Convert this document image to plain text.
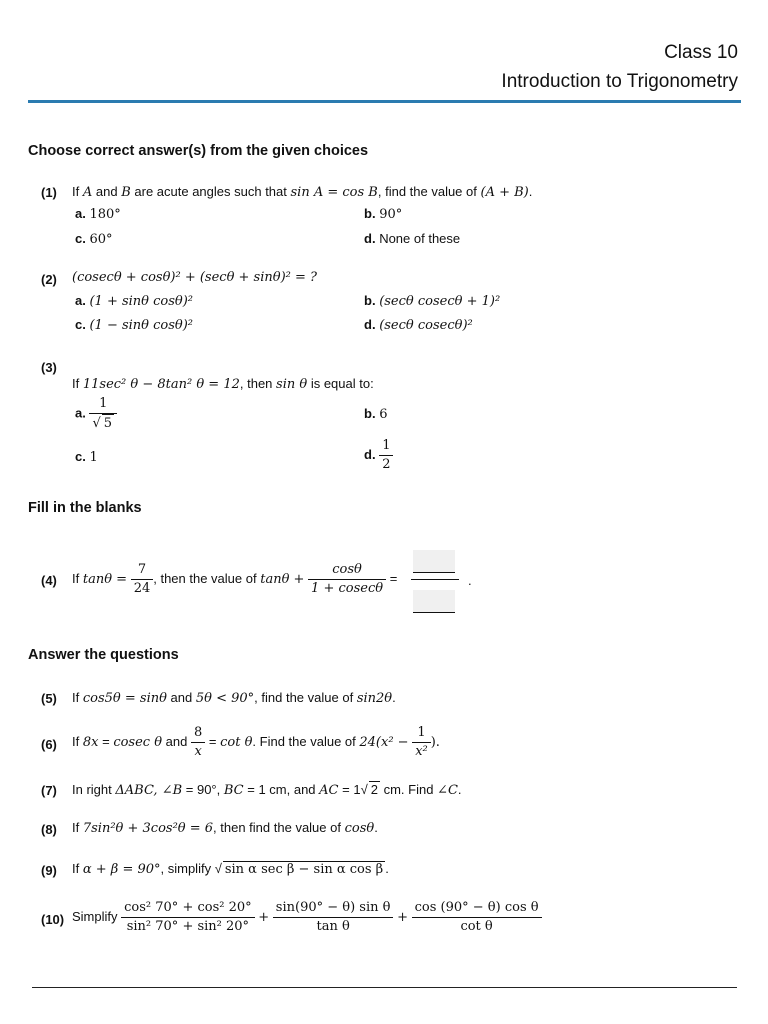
Class 10
Introduction to Trigonometry
Choose correct answer(s) from the given choices
(1) If A and B are acute angles such that sin A = cos B, find the value of (A + B).
a. 180°	b. 90°
c. 60°	d. None of these
(2) (cosecθ + cosθ)² + (secθ + sinθ)² = ?
a. (1 + sinθ cosθ)²	b. (secθ cosecθ + 1)²
c. (1 − sinθ cosθ)²	d. (secθ cosecθ)²
(3)
If 11sec² θ − 8tan² θ = 12, then sin θ is equal to:
a. $\frac{1}{√ 5}$	b. 6
c. 1	d. $\frac{1}{2}$
Fill in the blanks
(4) If $\tan\theta = \frac{7}{24}$ , then the value of $\tan\theta + \frac{\cos\theta}{1 + cosec\theta}$ =	.
Answer the questions
(5) If cos5θ = sinθ and 5θ < 90°, find the value of sin2θ.
(6) If 8x = cosec θ and $\frac{8}{x} = \cot \theta$. Find the value of $24(x^2 - \frac{1}{\text{x²}}$ ).
(7) In right ΔABC, ∠B = 90°, BC = 1 cm, and AC = 1√ 2 cm. Find ∠C.
(8) If 7sin²θ + 3cos²θ = 6, then find the value of cosθ.
(9) If α + β = 90°, simplify √ sin α sec β − sin α cos β .
(10) Simplify $\frac{\text{cos² 70° + cos² 20°}}{\text{sin² 70° + sin² 20°}} + \frac{\text{sin(90° − θ) sin θ}}{\text{tan θ}} + \frac{\text{cos (90° − θ) cos θ}}{\text{cot θ}}$
